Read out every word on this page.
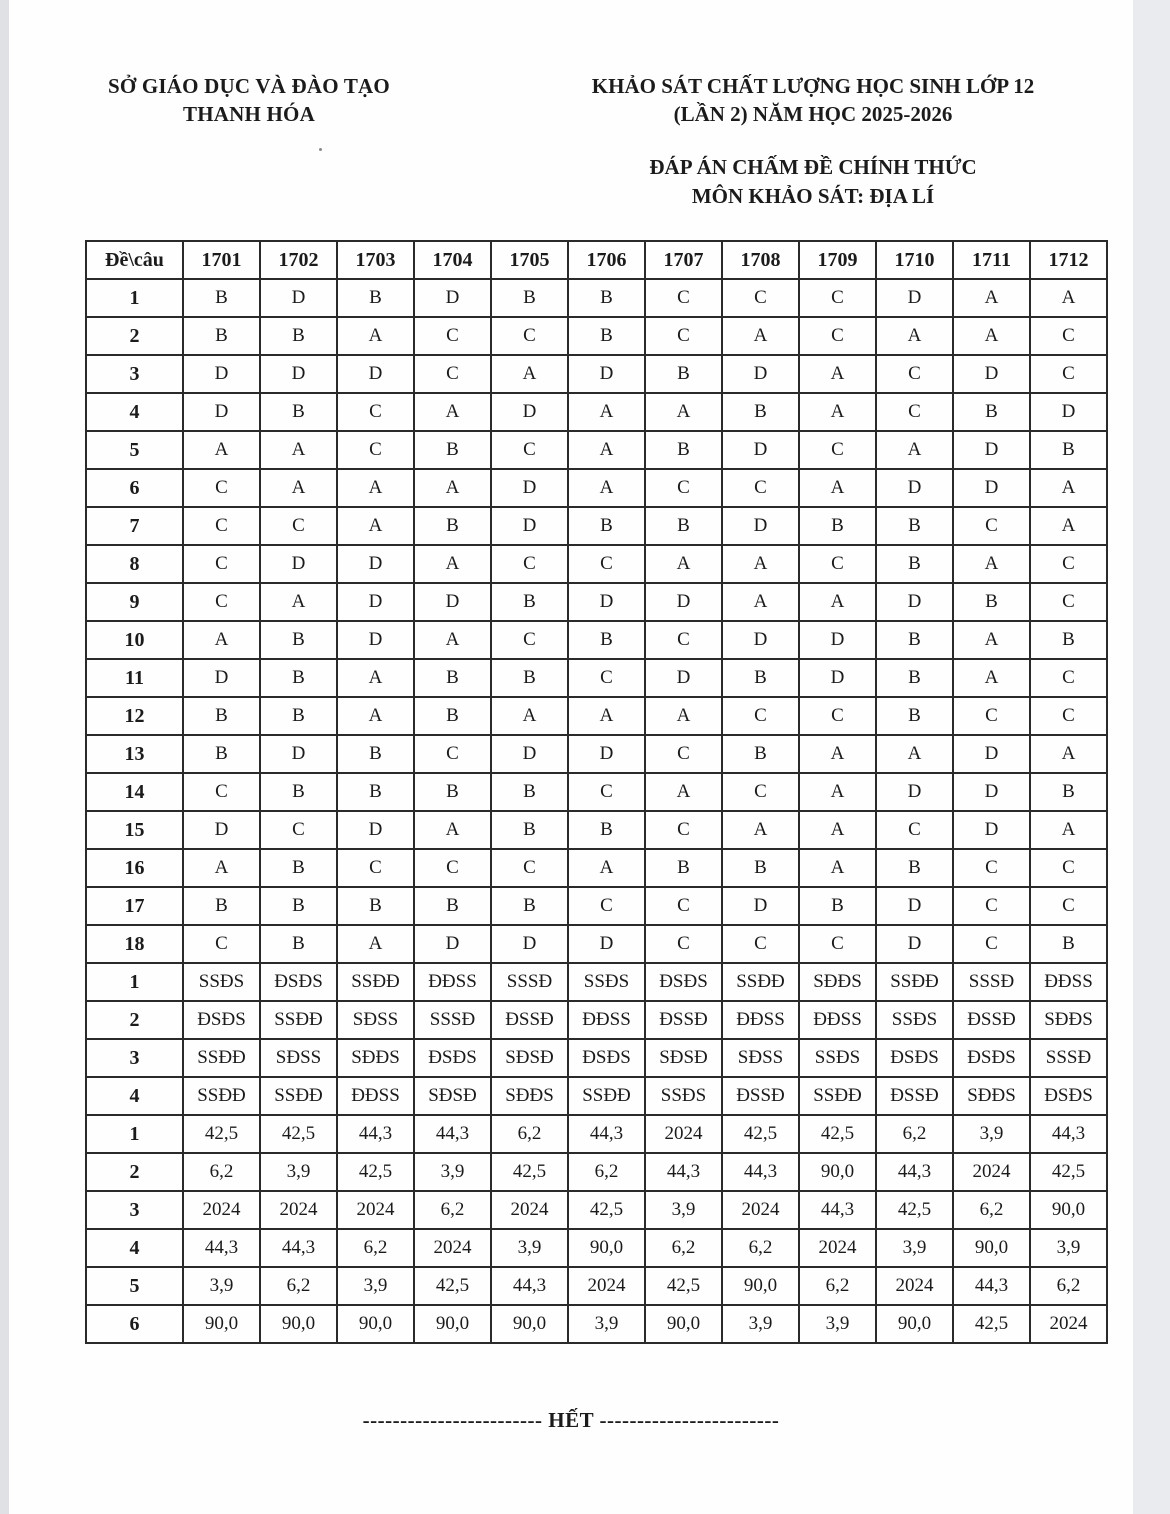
SỞ GIÁO DỤC VÀ ĐÀO TẠO
THANH HÓA
KHẢO SÁT CHẤT LƯỢNG HỌC SINH LỚP 12
(LẦN 2) NĂM HỌC 2025-2026
ĐÁP ÁN CHẤM ĐỀ CHÍNH THỨC
MÔN KHẢO SÁT: ĐỊA LÍ
Đề\câu	1701	1702	1703	1704	1705	1706	1707	1708	1709	1710	1711	1712
1	B	D	B	D	B	B	C	C	C	D	A	A
2	B	B	A	C	C	B	C	A	C	A	A	C
3	D	D	D	C	A	D	B	D	A	C	D	C
4	D	B	C	A	D	A	A	B	A	C	B	D
5	A	A	C	B	C	A	B	D	C	A	D	B
6	C	A	A	A	D	A	C	C	A	D	D	A
7	C	C	A	B	D	B	B	D	B	B	C	A
8	C	D	D	A	C	C	A	A	C	B	A	C
9	C	A	D	D	B	D	D	A	A	D	B	C
10	A	B	D	A	C	B	C	D	D	B	A	B
11	D	B	A	B	B	C	D	B	D	B	A	C
12	B	B	A	B	A	A	A	C	C	B	C	C
13	B	D	B	C	D	D	C	B	A	A	D	A
14	C	B	B	B	B	C	A	C	A	D	D	B
15	D	C	D	A	B	B	C	A	A	C	D	A
16	A	B	C	C	C	A	B	B	A	B	C	C
17	B	B	B	B	B	C	C	D	B	D	C	C
18	C	B	A	D	D	D	C	C	C	D	C	B
1	SSĐS	ĐSĐS	SSĐĐ	ĐĐSS	SSSĐ	SSĐS	ĐSĐS	SSĐĐ	SĐĐS	SSĐĐ	SSSĐ	ĐĐSS
2	ĐSĐS	SSĐĐ	SĐSS	SSSĐ	ĐSSĐ	ĐĐSS	ĐSSĐ	ĐĐSS	ĐĐSS	SSĐS	ĐSSĐ	SĐĐS
3	SSĐĐ	SĐSS	SĐĐS	ĐSĐS	SĐSĐ	ĐSĐS	SĐSĐ	SĐSS	SSĐS	ĐSĐS	ĐSĐS	SSSĐ
4	SSĐĐ	SSĐĐ	ĐĐSS	SĐSĐ	SĐĐS	SSĐĐ	SSĐS	ĐSSĐ	SSĐĐ	ĐSSĐ	SĐĐS	ĐSĐS
1	42,5	42,5	44,3	44,3	6,2	44,3	2024	42,5	42,5	6,2	3,9	44,3
2	6,2	3,9	42,5	3,9	42,5	6,2	44,3	44,3	90,0	44,3	2024	42,5
3	2024	2024	2024	6,2	2024	42,5	3,9	2024	44,3	42,5	6,2	90,0
4	44,3	44,3	6,2	2024	3,9	90,0	6,2	6,2	2024	3,9	90,0	3,9
5	3,9	6,2	3,9	42,5	44,3	2024	42,5	90,0	6,2	2024	44,3	6,2
6	90,0	90,0	90,0	90,0	90,0	3,9	90,0	3,9	3,9	90,0	42,5	2024
------------------------ HẾT ------------------------
